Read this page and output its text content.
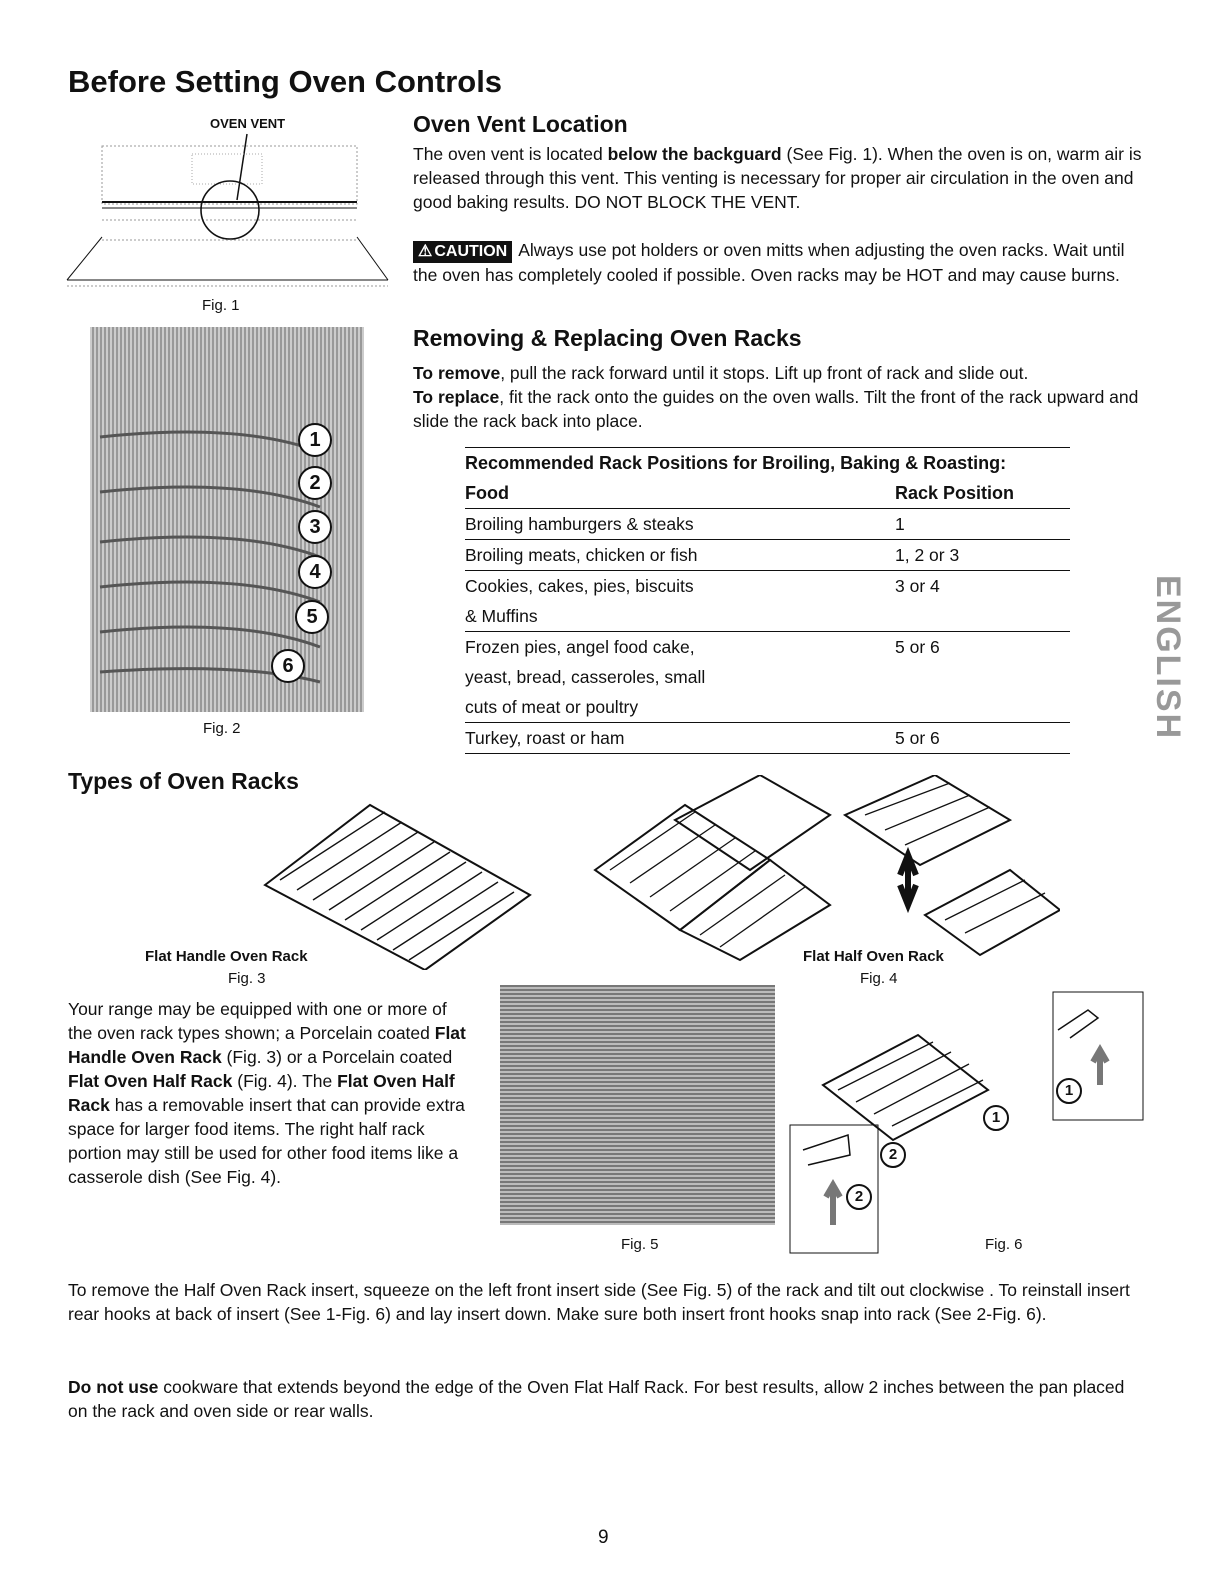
Before Setting Oven Controls
OVEN VENT
Fig. 1
1
2
3
4
5
6
Fig. 2
Oven Vent Location

The oven vent is located below the backguard (See Fig. 1). When the oven is on, warm air is released through this vent. This venting is necessary for proper air circulation in the oven and good baking results. DO NOT BLOCK THE VENT.

⚠ CAUTION Always use pot holders or oven mitts when adjusting the oven racks. Wait until the oven has completely cooled if possible. Oven racks may be HOT and may cause burns.

Removing & Replacing Oven Racks

To remove, pull the rack forward until it stops. Lift up front of rack and slide out.

To replace, fit the rack onto the guides on the oven walls. Tilt the front of the rack upward and slide the rack back into place.

Recommended Rack Positions for Broiling, Baking & Roasting:	
Food	Rack Position

Broiling hamburgers & steaks	1

Broiling meats, chicken or fish	1, 2 or 3

Cookies, cakes, pies, biscuits
& Muffins	3 or 4

Frozen pies, angel food cake,
yeast, bread, casseroles, small
cuts of meat or poultry	5 or 6

Turkey, roast or ham	5 or 6	ENGLISH
Types of Oven Racks
Flat Handle Oven Rack
Fig. 3
Flat Half Oven Rack
Fig. 4

Your range may be equipped with one or more of the oven rack types shown; a Porcelain coated Flat Handle Oven Rack (Fig. 3) or a Porcelain coated Flat Oven Half Rack (Fig. 4). The Flat Oven Half Rack has a removable insert that can provide extra space for larger food items. The right half rack portion may still be used for other food items like a casserole dish (See Fig. 4).

Fig. 5
1
1
2
2
Fig. 6

To remove the Half Oven Rack insert, squeeze on the left front insert side (See Fig. 5) of the rack and tilt out clockwise . To reinstall insert rear hooks at back of insert (See 1-Fig. 6) and lay insert down. Make sure both insert front hooks snap into rack (See 2-Fig. 6).

Do not use cookware that extends beyond the edge of the Oven Flat Half Rack. For best results, allow 2 inches between the pan placed on the rack and oven side or rear walls.

9
